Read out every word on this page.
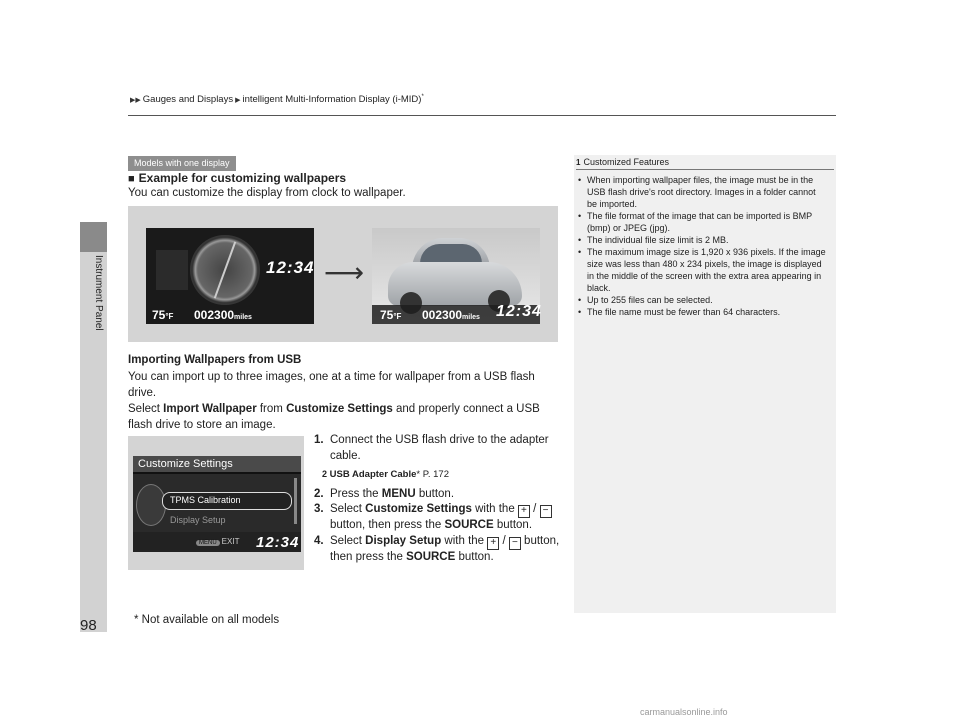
Instrument Panel
▶▶ Gauges and Displays ▶ intelligent Multi-Information Display (i-MID)*
Models with one display
■ Example for customizing wallpapers
You can customize the display from clock to wallpaper.
12:34
75°F 002300miles
⟶
75°F 002300miles 12:34
Importing Wallpapers from USB
You can import up to three images, one at a time for wallpaper from a USB flash drive.
Select Import Wallpaper from Customize Settings and properly connect a USB flash drive to store an image.
Customize Settings
TPMS Calibration
Display Setup
MENU EXIT 12:34
1. Connect the USB flash drive to the adapter cable.
2 USB Adapter Cable* P. 172
2. Press the MENU button.
3. Select Customize Settings with the + / − button, then press the SOURCE button.
4. Select Display Setup with the + / − button, then press the SOURCE button.
1 Customized Features
• When importing wallpaper files, the image must be in the USB flash drive's root directory. Images in a folder cannot be imported.
• The file format of the image that can be imported is BMP (bmp) or JPEG (jpg).
• The individual file size limit is 2 MB.
• The maximum image size is 1,920 x 936 pixels. If the image size was less than 480 x 234 pixels, the image is displayed in the middle of the screen with the extra area appearing in black.
• Up to 255 files can be selected.
• The file name must be fewer than 64 characters.
98	* Not available on all models
carmanualsonline.info
